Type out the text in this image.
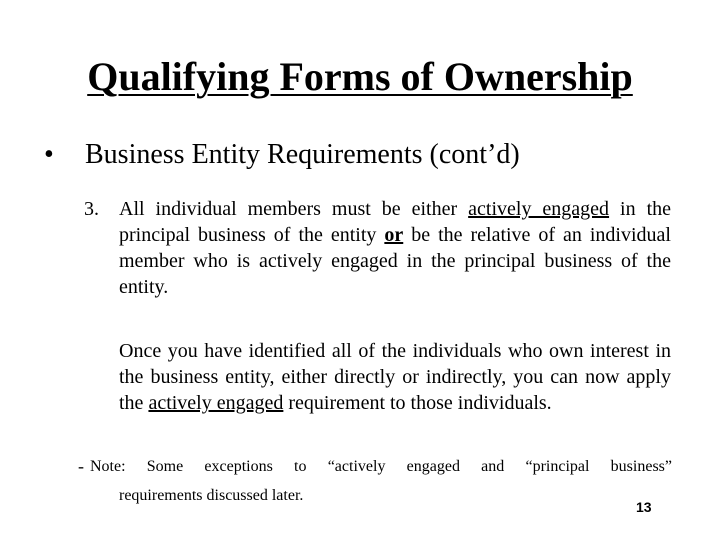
Qualifying Forms of Ownership
• Business Entity Requirements (cont’d)
3. All individual members must be either actively engaged in the principal business of the entity or be the relative of an individual member who is actively engaged in the principal business of the entity.
Once you have identified all of the individuals who own interest in the business entity, either directly or indirectly, you can now apply the actively engaged requirement to those individuals.
- Note: Some exceptions to “actively engaged and “principal business”
requirements discussed later.
13
